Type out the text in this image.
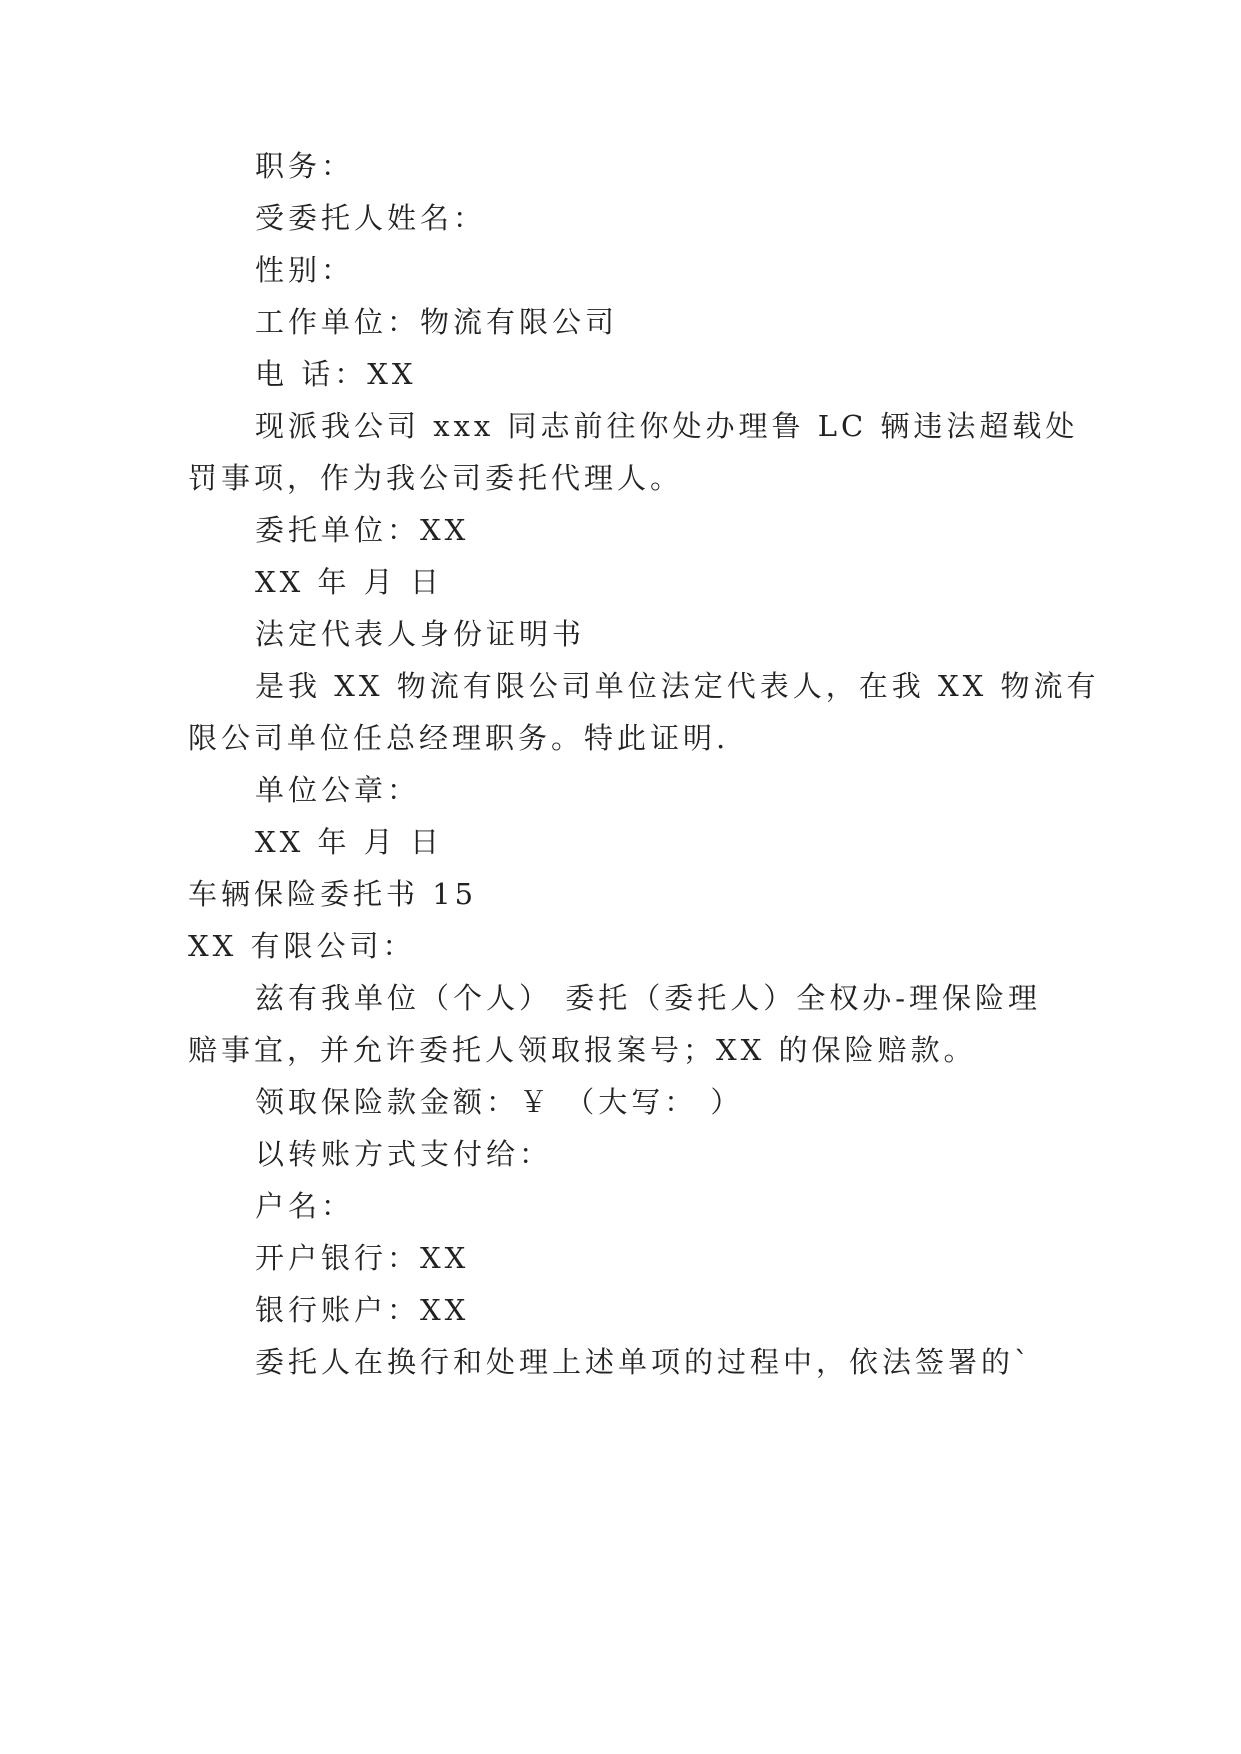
职务：
受委托人姓名：
性别：
工作单位：物流有限公司
电 话：XX
现派我公司 xxx 同志前往你处办理鲁 LC 辆违法超载处
罚事项，作为我公司委托代理人。
委托单位：XX
XX 年 月 日
法定代表人身份证明书
是我 XX 物流有限公司单位法定代表人，在我 XX 物流有
限公司单位任总经理职务。特此证明.
单位公章：
XX 年 月 日
车辆保险委托书 15
XX 有限公司：
兹有我单位（个人） 委托（委托人）全权办-理保险理
赔事宜，并允许委托人领取报案号；XX 的保险赔款。
领取保险款金额：￥ （大写： ）
以转账方式支付给：
户名：
开户银行：XX
银行账户：XX
委托人在换行和处理上述单项的过程中，依法签署的`
